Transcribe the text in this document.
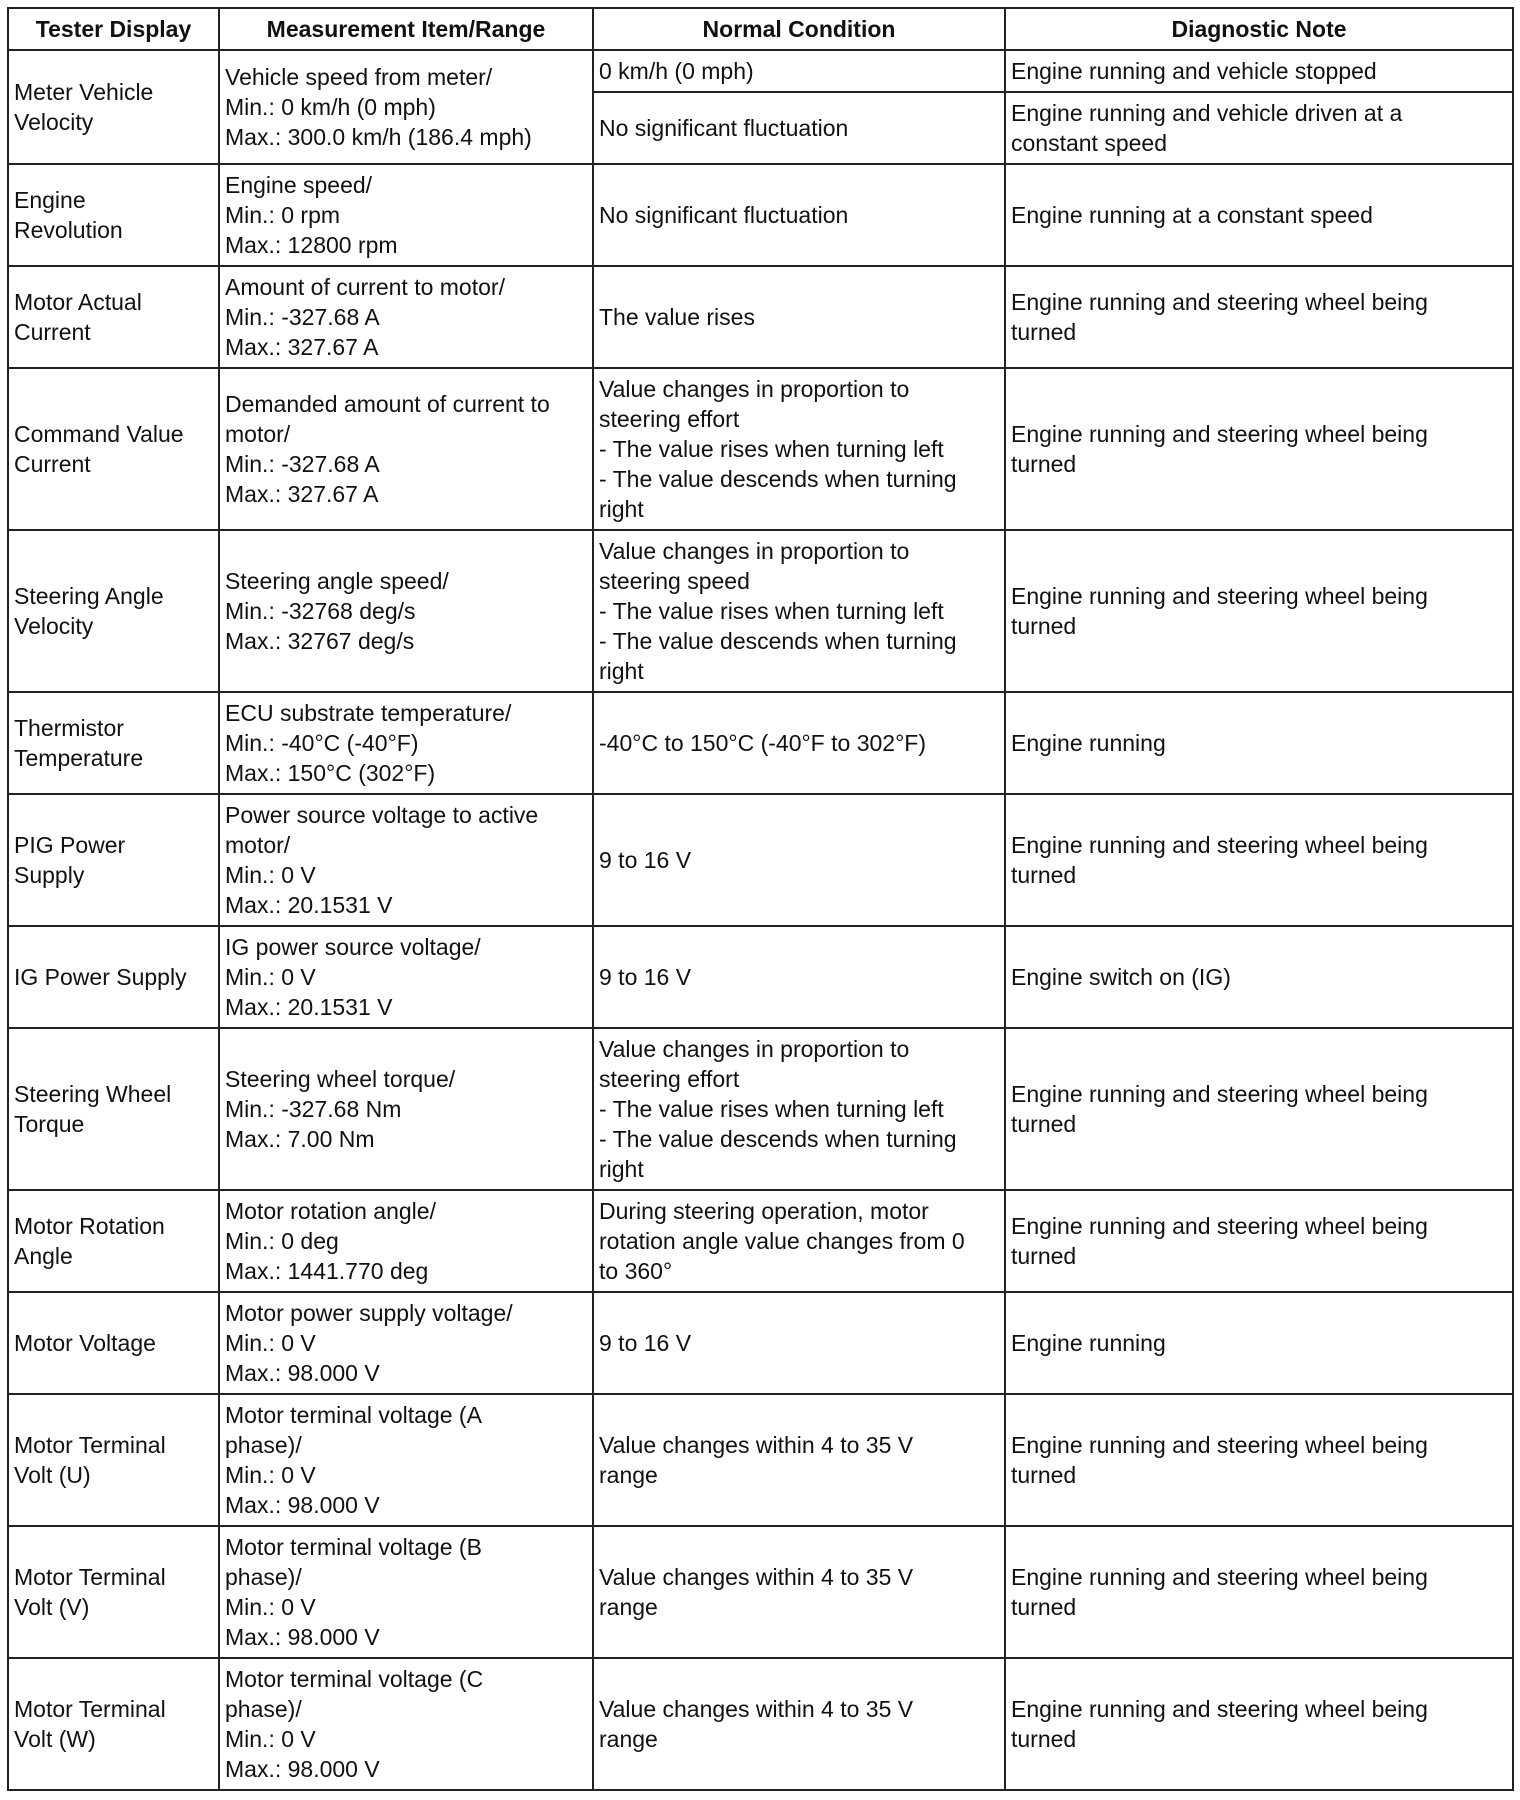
Tester Display	Measurement Item/Range	Normal Condition	Diagnostic Note
Meter Vehicle
Velocity	Vehicle speed from meter/
Min.: 0 km/h (0 mph)
Max.: 300.0 km/h (186.4 mph)	0 km/h (0 mph)	Engine running and vehicle stopped
		No significant fluctuation	Engine running and vehicle driven at a
constant speed
Engine
Revolution	Engine speed/
Min.: 0 rpm
Max.: 12800 rpm	No significant fluctuation	Engine running at a constant speed
Motor Actual
Current	Amount of current to motor/
Min.: -327.68 A
Max.: 327.67 A	The value rises	Engine running and steering wheel being
turned
Command Value
Current	Demanded amount of current to
motor/
Min.: -327.68 A
Max.: 327.67 A	Value changes in proportion to
steering effort
- The value rises when turning left
- The value descends when turning
right	Engine running and steering wheel being
turned
Steering Angle
Velocity	Steering angle speed/
Min.: -32768 deg/s
Max.: 32767 deg/s	Value changes in proportion to
steering speed
- The value rises when turning left
- The value descends when turning
right	Engine running and steering wheel being
turned
Thermistor
Temperature	ECU substrate temperature/
Min.: -40°C (-40°F)
Max.: 150°C (302°F)	-40°C to 150°C (-40°F to 302°F)	Engine running
PIG Power
Supply	Power source voltage to active
motor/
Min.: 0 V
Max.: 20.1531 V	9 to 16 V	Engine running and steering wheel being
turned
IG Power Supply	IG power source voltage/
Min.: 0 V
Max.: 20.1531 V	9 to 16 V	Engine switch on (IG)
Steering Wheel
Torque	Steering wheel torque/
Min.: -327.68 Nm
Max.: 7.00 Nm	Value changes in proportion to
steering effort
- The value rises when turning left
- The value descends when turning
right	Engine running and steering wheel being
turned
Motor Rotation
Angle	Motor rotation angle/
Min.: 0 deg
Max.: 1441.770 deg	During steering operation, motor
rotation angle value changes from 0
to 360°	Engine running and steering wheel being
turned
Motor Voltage	Motor power supply voltage/
Min.: 0 V
Max.: 98.000 V	9 to 16 V	Engine running
Motor Terminal
Volt (U)	Motor terminal voltage (A
phase)/
Min.: 0 V
Max.: 98.000 V	Value changes within 4 to 35 V
range	Engine running and steering wheel being
turned
Motor Terminal
Volt (V)	Motor terminal voltage (B
phase)/
Min.: 0 V
Max.: 98.000 V	Value changes within 4 to 35 V
range	Engine running and steering wheel being
turned
Motor Terminal
Volt (W)	Motor terminal voltage (C
phase)/
Min.: 0 V
Max.: 98.000 V	Value changes within 4 to 35 V
range	Engine running and steering wheel being
turned
